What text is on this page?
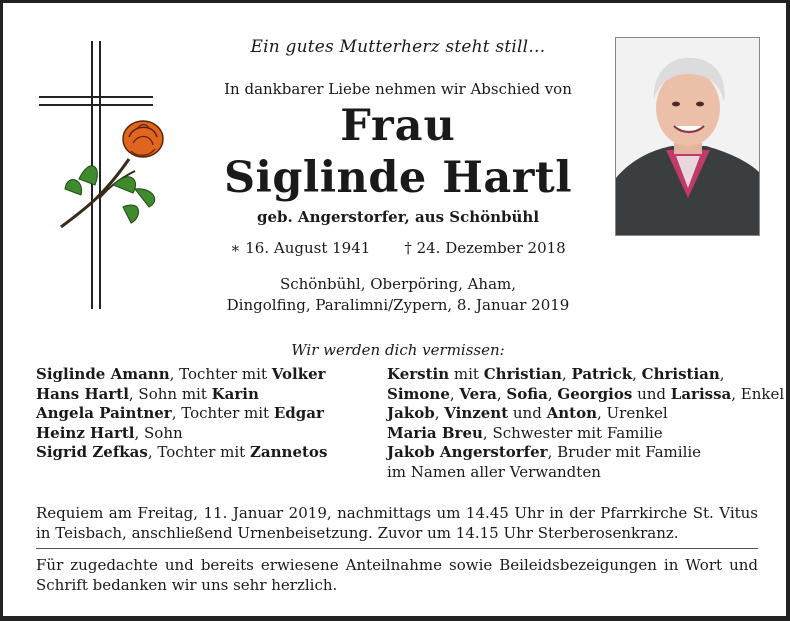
Ein gutes Mutterherz steht still…
In dankbarer Liebe nehmen wir Abschied von
Frau
Siglinde Hartl
geb. Angerstorfer, aus Schönbühl
∗ 16. August 1941 † 24. Dezember 2018
Schönbühl, Oberpöring, Aham,
Dingolfing, Paralimni/Zypern, 8. Januar 2019
Wir werden dich vermissen:
Siglinde Amann, Tochter mit Volker
Hans Hartl, Sohn mit Karin
Angela Paintner, Tochter mit Edgar
Heinz Hartl, Sohn
Sigrid Zefkas, Tochter mit Zannetos
Kerstin mit Christian, Patrick, Christian,
Simone, Vera, Sofia, Georgios und Larissa, Enkel
Jakob, Vinzent und Anton, Urenkel
Maria Breu, Schwester mit Familie
Jakob Angerstorfer, Bruder mit Familie
im Namen aller Verwandten
Requiem am Freitag, 11. Januar 2019, nachmittags um 14.45 Uhr in der Pfarrkirche St. Vitus in Teisbach, anschließend Urnenbeisetzung. Zuvor um 14.15 Uhr Sterberosenkranz.
Für zugedachte und bereits erwiesene Anteilnahme sowie Beileidsbezeigungen in Wort und Schrift bedanken wir uns sehr herzlich.
